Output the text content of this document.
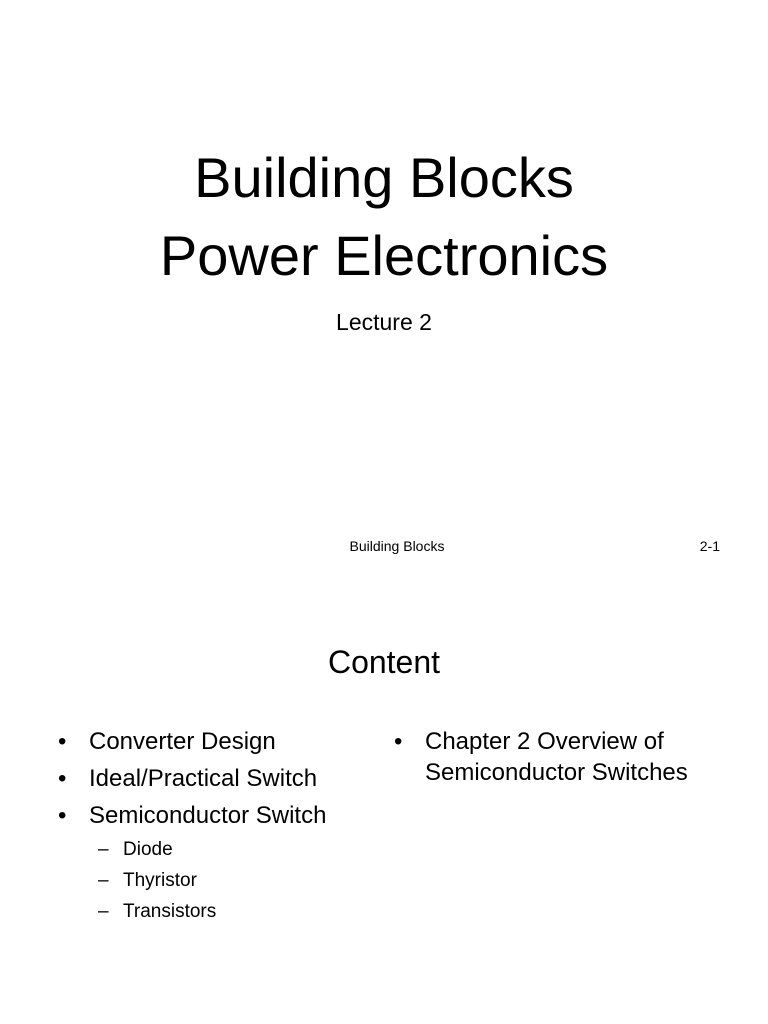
Building Blocks
Power Electronics
Lecture 2
Building Blocks	2-1
Content
• Converter Design
• Ideal/Practical Switch
• Semiconductor Switch
– Diode
– Thyristor
– Transistors
• Chapter 2 Overview of Semiconductor Switches
